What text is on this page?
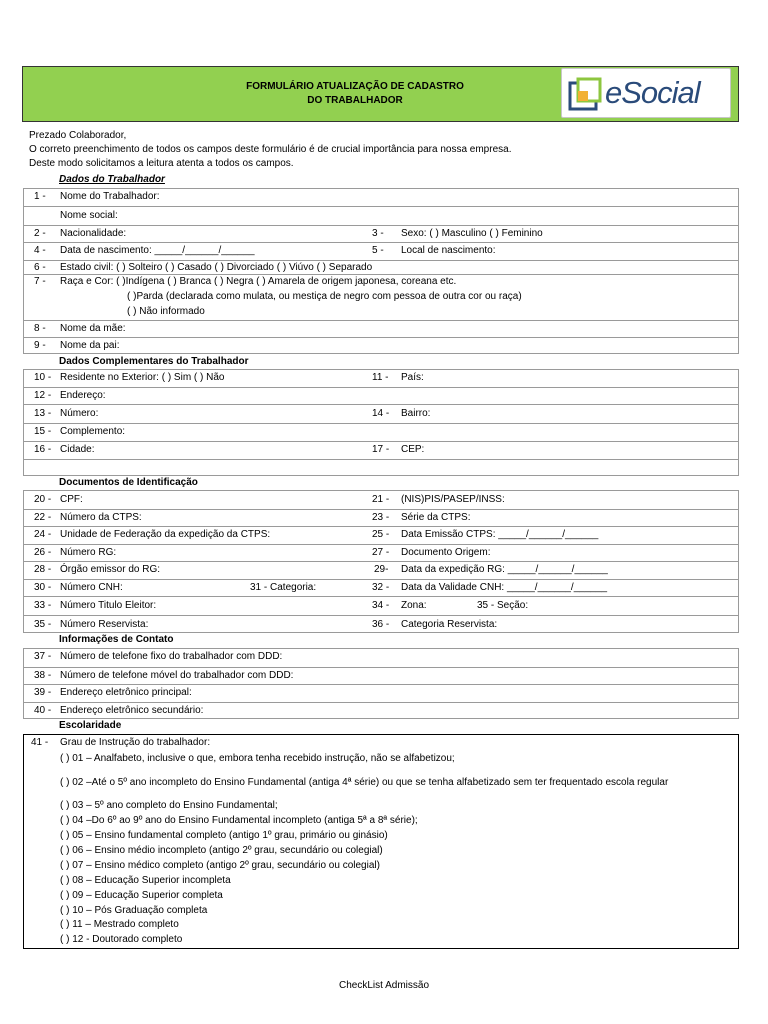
FORMULÁRIO ATUALIZAÇÃO DE CADASTRO
DO TRABALHADOR	eSocial
Prezado Colaborador,
O correto preenchimento de todos os campos deste formulário é de crucial importância para nossa empresa.
Deste modo solicitamos a leitura atenta a todos os campos.
Dados do Trabalhador
1 -	Nome do Trabalhador:
Nome social:
2 -	Nacionalidade:	3 - Sexo: ( ) Masculino ( ) Feminino
4 -	Data de nascimento: _____/______/______	5 - Local de nascimento:
6 -	Estado civil: ( ) Solteiro ( ) Casado ( ) Divorciado ( ) Viúvo ( ) Separado
7 -	Raça e Cor: ( )Indígena ( ) Branca ( ) Negra ( ) Amarela de origem japonesa, coreana etc.
( )Parda (declarada como mulata, ou mestiça de negro com pessoa de outra cor ou raça)
( ) Não informado
8 -	Nome da mãe:
9 -	Nome da pai:
Dados Complementares do Trabalhador
10 - Residente no Exterior: ( ) Sim ( ) Não	11 - País:
12 - Endereço:
13 - Número:	14 - Bairro:
15 - Complemento:
16 - Cidade:	17 - CEP:
Documentos de Identificação
20 - CPF:	21 - (NIS)PIS/PASEP/INSS:
22 - Número da CTPS:	23 - Série da CTPS:
24 - Unidade de Federação da expedição da CTPS:	25 - Data Emissão CTPS: _____/______/______
26 - Número RG:	27 - Documento Origem:
28 - Órgão emissor do RG:	29- Data da expedição RG: _____/______/______
30 - Número CNH:	31 - Categoria:	32 - Data da Validade CNH: _____/______/______
33 - Número Titulo Eleitor:	34 - Zona:	35 - Seção:
35 - Número Reservista:	36 - Categoria Reservista:
Informações de Contato
37 - Número de telefone fixo do trabalhador com DDD:
38 - Número de telefone móvel do trabalhador com DDD:
39 - Endereço eletrônico principal:
40 - Endereço eletrônico secundário:
Escolaridade
41 -	Grau de Instrução do trabalhador:
( ) 01 – Analfabeto, inclusive o que, embora tenha recebido instrução, não se alfabetizou;
( ) 02 –Até o 5º ano incompleto do Ensino Fundamental (antiga 4ª série) ou que se tenha alfabetizado sem ter frequentado escola regular
( ) 03 – 5º ano completo do Ensino Fundamental;
( ) 04 –Do 6º ao 9º ano do Ensino Fundamental incompleto (antiga 5ª a 8ª série);
( ) 05 – Ensino fundamental completo (antigo 1º grau, primário ou ginásio)
( ) 06 – Ensino médio incompleto (antigo 2º grau, secundário ou colegial)
( ) 07 – Ensino médico completo (antigo 2º grau, secundário ou colegial)
( ) 08 – Educação Superior incompleta
( ) 09 – Educação Superior completa
( ) 10 – Pós Graduação completa
( ) 11 – Mestrado completo
( ) 12 - Doutorado completo
CheckList Admissão
